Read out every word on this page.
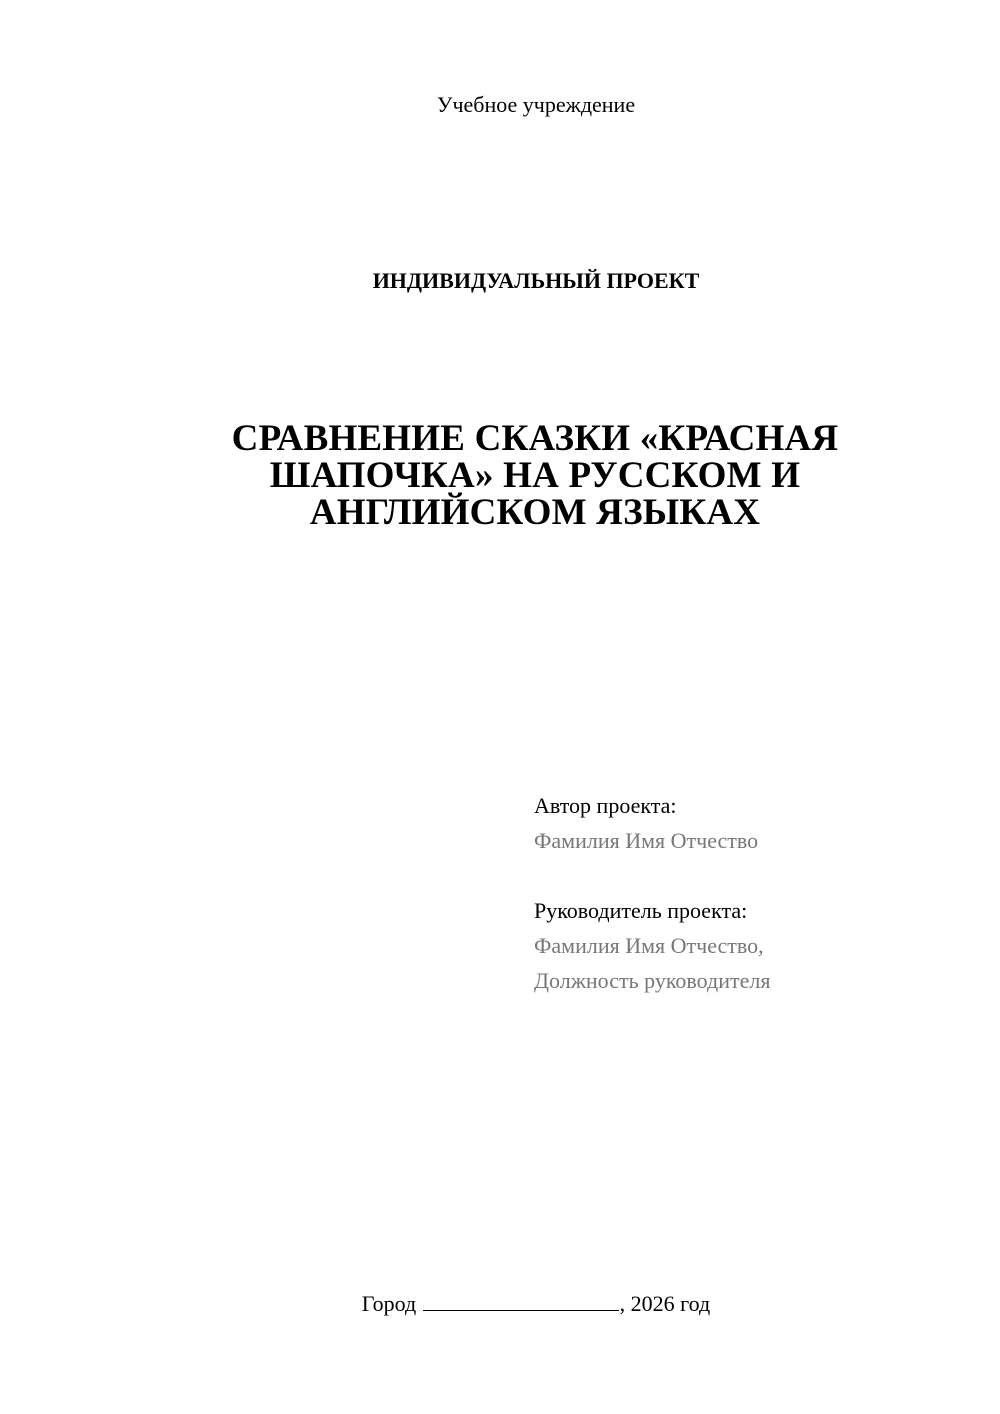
Учебное учреждение
ИНДИВИДУАЛЬНЫЙ ПРОЕКТ
СРАВНЕНИЕ СКАЗКИ «КРАСНАЯ
ШАПОЧКА» НА РУССКОМ И
АНГЛИЙСКОМ ЯЗЫКАХ
Автор проекта:
Фамилия Имя Отчество
Руководитель проекта:
Фамилия Имя Отчество,
Должность руководителя
Город	, 2026 год
